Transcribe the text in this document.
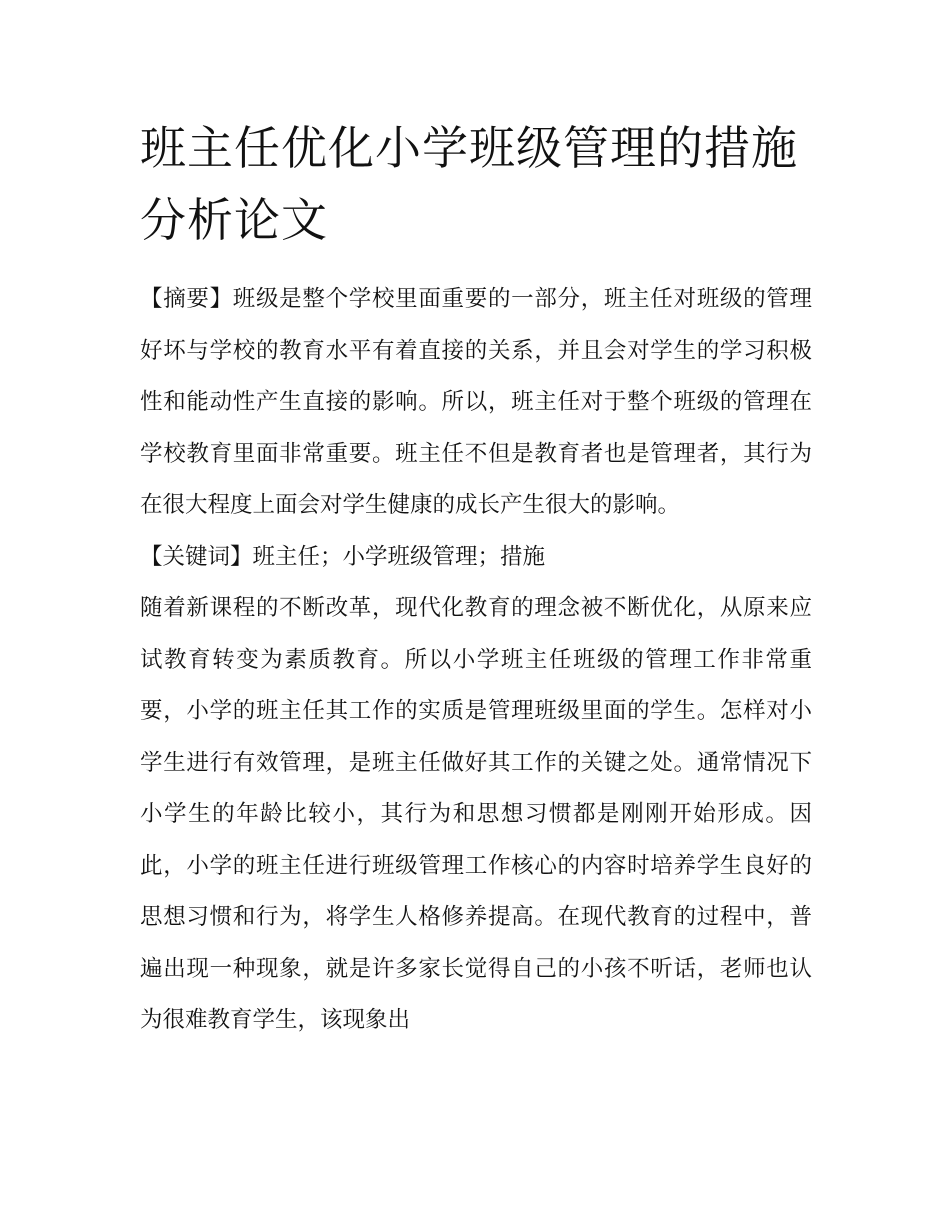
班主任优化小学班级管理的措施分析论文

【摘要】班级是整个学校里面重要的一部分，班主任对班级的管理好坏与学校的教育水平有着直接的关系，并且会对学生的学习积极性和能动性产生直接的影响。所以，班主任对于整个班级的管理在学校教育里面非常重要。班主任不但是教育者也是管理者，其行为在很大程度上面会对学生健康的成长产生很大的影响。

【关键词】班主任；小学班级管理；措施

随着新课程的不断改革，现代化教育的理念被不断优化，从原来应试教育转变为素质教育。所以小学班主任班级的管理工作非常重要，小学的班主任其工作的实质是管理班级里面的学生。怎样对小学生进行有效管理，是班主任做好其工作的关键之处。通常情况下小学生的年龄比较小，其行为和思想习惯都是刚刚开始形成。因此，小学的班主任进行班级管理工作核心的内容时培养学生良好的思想习惯和行为，将学生人格修养提高。在现代教育的过程中，普遍出现一种现象，就是许多家长觉得自己的小孩不听话，老师也认为很难教育学生，该现象出
